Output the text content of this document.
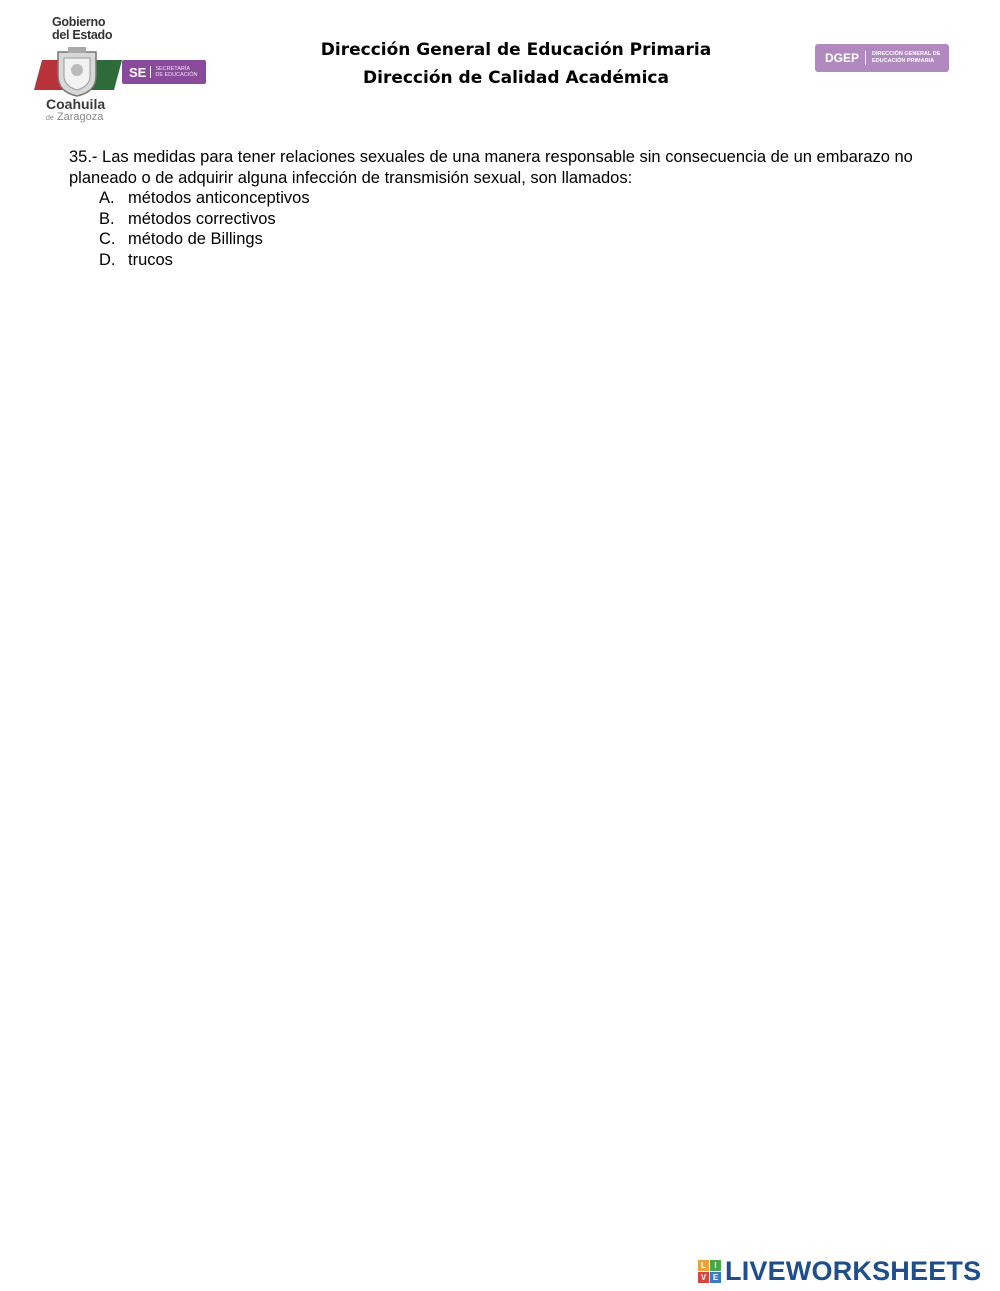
Gobierno
del Estado
SE SECRETARÍA
DE EDUCACIÓN
Coahuila
de Zaragoza
Dirección General de Educación Primaria
Dirección de Calidad Académica
DGEP	DIRECCIÓN GENERAL DE
EDUCACIÓN PRIMARIA

35.- Las medidas para tener relaciones sexuales de una manera responsable sin consecuencia de un embarazo no planeado o de adquirir alguna infección de transmisión sexual, son llamados:

A. métodos anticonceptivos
B. métodos correctivos
C. método de Billings
D. trucos
L	I
V E LIVEWORKSHEETS
